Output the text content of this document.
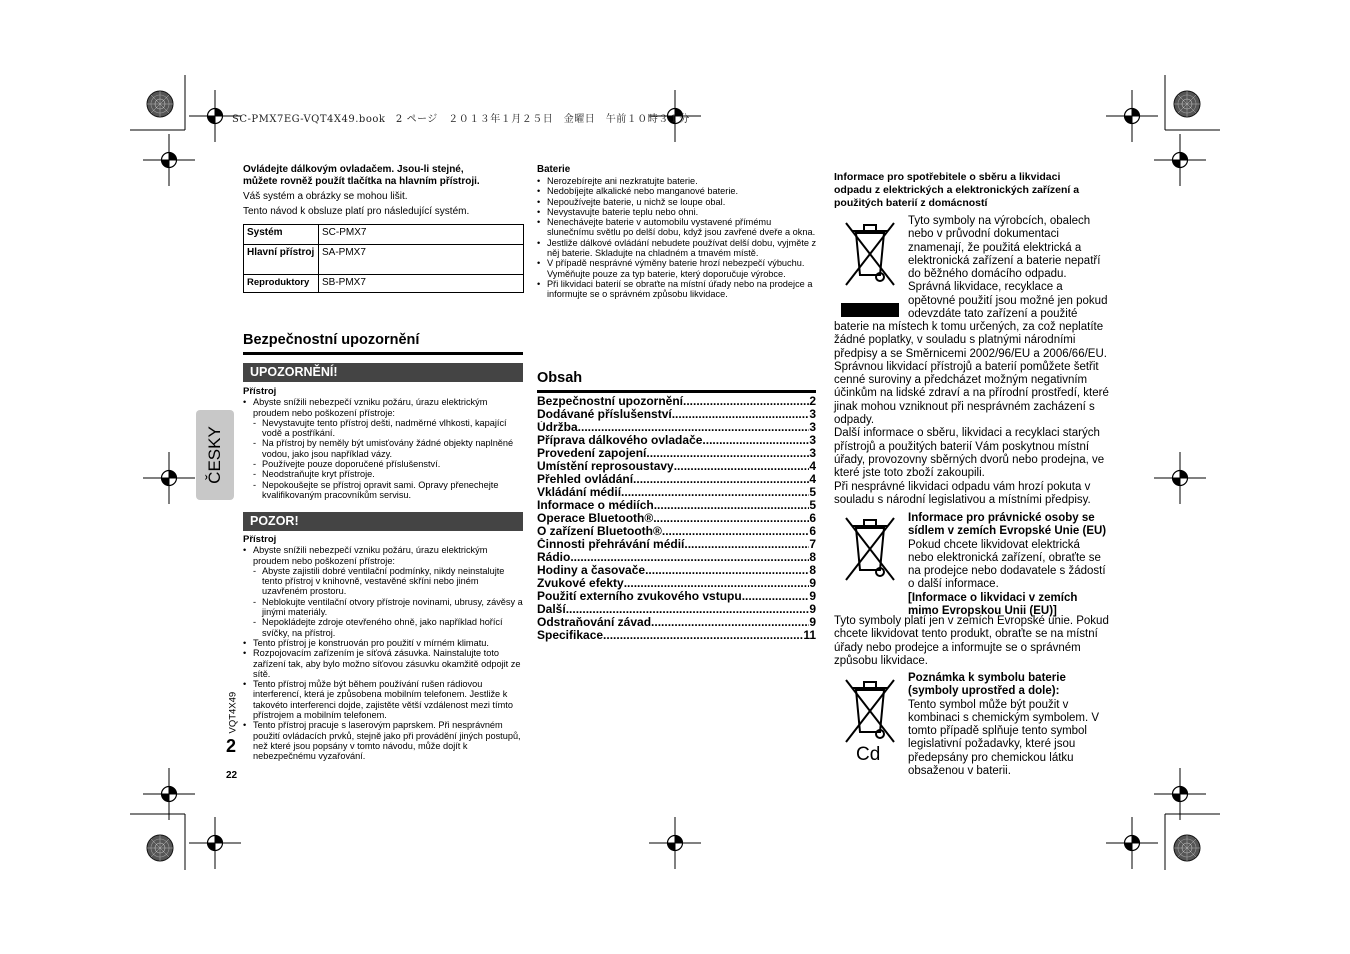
SC-PMX7EG-VQT4X49.book　2 ページ　２０１３年１月２５日　金曜日　午前１０時３１分
ČESKY
VQT4X49
2
22
Ovládejte dálkovým ovladačem. Jsou-li stejné,
můžete rovněž použít tlačítka na hlavním přístroji.
Váš systém a obrázky se mohou lišit.
Tento návod k obsluze platí pro následující systém.
Systém	SC-PMX7
Hlavní přístroj	SA-PMX7
Reproduktory	SB-PMX7
Bezpečnostní upozornění
UPOZORNĚNÍ!
Přístroj
• Abyste snížili nebezpečí vzniku požáru, úrazu elektrickým proudem nebo poškození přístroje:
- Nevystavujte tento přístroj dešti, nadměrné vlhkosti, kapající vodě a postříkání.
- Na přístroj by neměly být umisťovány žádné objekty naplněné vodou, jako jsou například vázy.
- Používejte pouze doporučené příslušenství.
- Neodstraňujte kryt přístroje.
- Nepokoušejte se přístroj opravit sami. Opravy přenechejte kvalifikovaným pracovníkům servisu.
POZOR!
Přístroj
• Abyste snížili nebezpečí vzniku požáru, úrazu elektrickým proudem nebo poškození přístroje:
- Abyste zajistili dobré ventilační podmínky, nikdy neinstalujte tento přístroj v knihovně, vestavěné skříni nebo jiném uzavřeném prostoru.
- Neblokujte ventilační otvory přístroje novinami, ubrusy, závěsy a jinými materiály.
- Nepokládejte zdroje otevřeného ohně, jako například hořící svíčky, na přístroj.
• Tento přístroj je konstruován pro použití v mírném klimatu.
• Rozpojovacím zařízením je síťová zásuvka. Nainstalujte toto zařízení tak, aby bylo možno síťovou zásuvku okamžitě odpojit ze sítě.
• Tento přístroj může být během používání rušen rádiovou interferencí, která je způsobena mobilním telefonem. Jestliže k takovéto interferenci dojde, zajistěte větší vzdálenost mezi tímto přístrojem a mobilním telefonem.
• Tento přístroj pracuje s laserovým paprskem. Při nesprávném použití ovládacích prvků, stejně jako při provádění jiných postupů, než které jsou popsány v tomto návodu, může dojít k nebezpečnému vyzařování.
Baterie
• Nerozebírejte ani nezkratujte baterie.
• Nedobíjejte alkalické nebo manganové baterie.
• Nepoužívejte baterie, u nichž se loupe obal.
• Nevystavujte baterie teplu nebo ohni.
• Nenechávejte baterie v automobilu vystavené přímému slunečnímu světlu po delší dobu, když jsou zavřené dveře a okna.
• Jestliže dálkové ovládání nebudete používat delší dobu, vyjměte z něj baterie. Skladujte na chladném a tmavém místě.
• V případě nesprávné výměny baterie hrozí nebezpečí výbuchu. Vyměňujte pouze za typ baterie, který doporučuje výrobce.
• Při likvidaci baterií se obraťte na místní úřady nebo na prodejce a informujte se o správném způsobu likvidace.
Obsah
Bezpečnostní upozornění .....	2
Dodávané příslušenství .....	3
Údržba .....	3
Příprava dálkového ovladače .....	3
Provedení zapojení .....	3
Umístění reprosoustavy .....	4
Přehled ovládání .....	4
Vkládání médií .....	5
Informace o médiích .....	5
Operace Bluetooth® .....	6
O zařízení Bluetooth® .....	6
Činnosti přehrávání médií .....	7
Rádio .....	8
Hodiny a časovače .....	8
Zvukové efekty .....	9
Použití externího zvukového vstupu .....	9
Další .....	9
Odstraňování závad .....	9
Specifikace .....	11
Informace pro spotřebitele o sběru a likvidaci
odpadu z elektrických a elektronických zařízení a
použitých baterií z domácností
Tyto symboly na výrobcích, obalech
nebo v průvodní dokumentaci
znamenají, že použitá elektrická a
elektronická zařízení a baterie nepatří
do běžného domácího odpadu.
Správná likvidace, recyklace a
opětovné použití jsou možné jen pokud
odevzdáte tato zařízení a použité
baterie na místech k tomu určených, za což neplatíte žádné poplatky, v souladu s platnými národními předpisy a se Směrnicemi 2002/96/EU a 2006/66/EU. Správnou likvidací přístrojů a baterií pomůžete šetřit cenné suroviny a předcházet možným negativním účinkům na lidské zdraví a na přírodní prostředí, které jinak mohou vzniknout při nesprávném zacházení s odpady.
Další informace o sběru, likvidaci a recyklaci starých přístrojů a použitých baterií Vám poskytnou místní úřady, provozovny sběrných dvorů nebo prodejna, ve které jste toto zboží zakoupili.
Při nesprávné likvidaci odpadu vám hrozí pokuta v souladu s národní legislativou a místními předpisy.
Informace pro právnické osoby se
sídlem v zemích Evropské Unie (EU)
Pokud chcete likvidovat elektrická
nebo elektronická zařízení, obraťte se
na prodejce nebo dodavatele s žádostí
o další informace.
[Informace o likvidaci v zemích
mimo Evropskou Unii (EU)]
Tyto symboly platí jen v zemích Evropské unie. Pokud chcete likvidovat tento produkt, obraťte se na místní úřady nebo prodejce a informujte se o správném způsobu likvidace.
Cd
Poznámka k symbolu baterie
(symboly uprostřed a dole):
Tento symbol může být použit v
kombinaci s chemickým symbolem. V
tomto případě splňuje tento symbol
legislativní požadavky, které jsou
předepsány pro chemickou látku
obsaženou v baterii.
